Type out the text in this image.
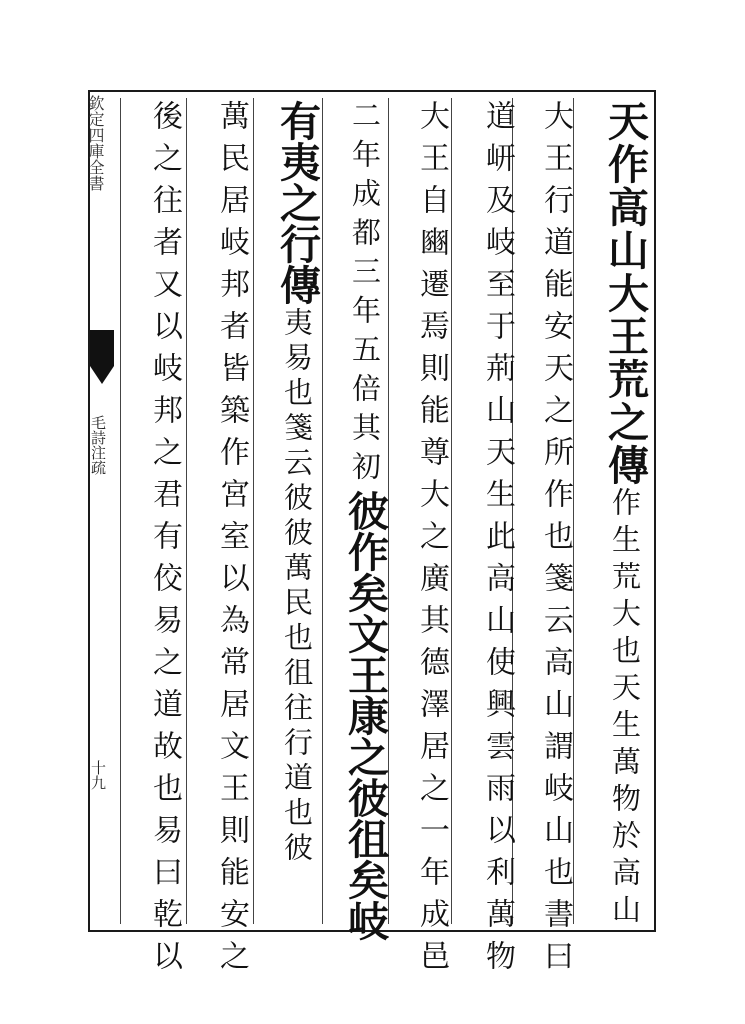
欽定四庫全書
毛詩注疏
十九
天作高山大王荒之傳作生荒大也天生萬物於高山
大王行道能安天之所作也箋云高山謂岐山也書曰
道岍及岐至于荊山天生此高山使興雲雨以利萬物
大王自豳遷焉則能尊大之廣其德澤居之一年成邑
二年成都三年五倍其初彼作矣文王康之彼徂矣岐
有夷之行傳夷易也箋云彼彼萬民也徂往行道也彼
萬民居岐邦者皆築作宮室以為常居文王則能安之
後之往者又以岐邦之君有佼易之道故也易曰乾以
